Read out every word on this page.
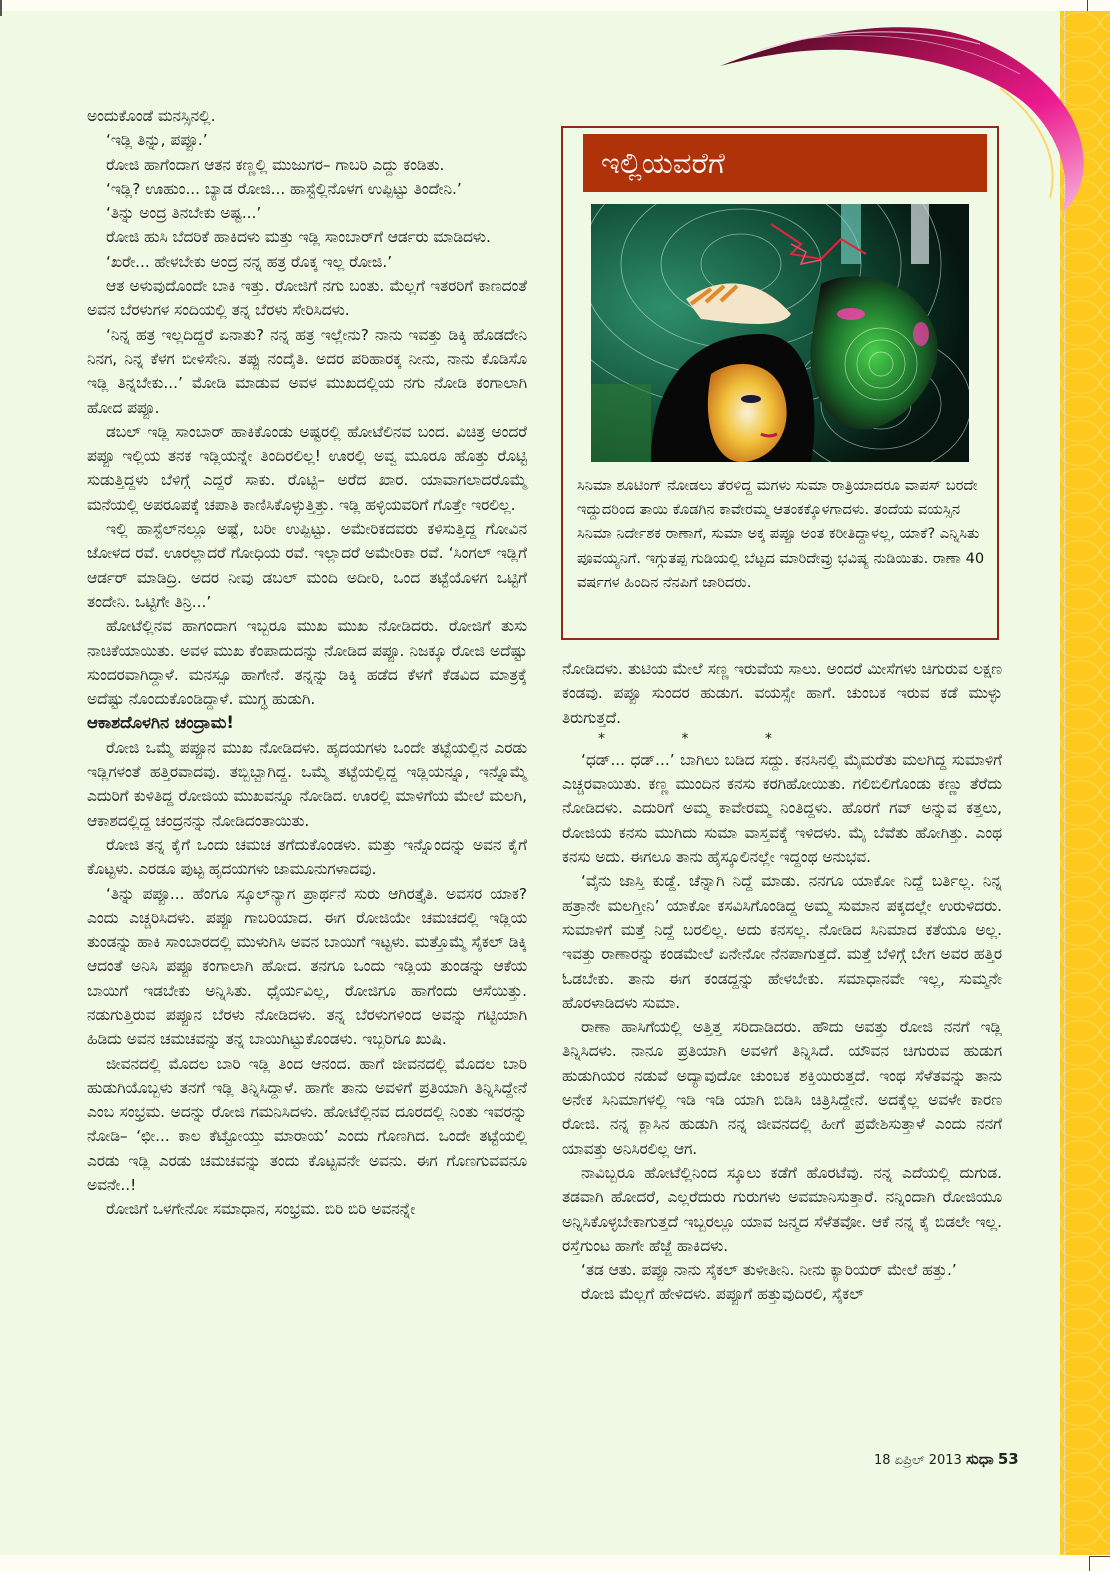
ಅಂದುಕೊಂಡೆ ಮನಸ್ಸಿನಲ್ಲಿ.

‘ಇಡ್ಲಿ ತಿನ್ನು, ಪಪ್ಪೂ.’

ರೋಜಿ ಹಾಗೆಂದಾಗ ಆತನ ಕಣ್ಣಲ್ಲಿ ಮುಜುಗರ– ಗಾಬರಿ ಎದ್ದು ಕಂಡಿತು.

‘ಇಡ್ಲಿ? ಊಹುಂ... ಬ್ಯಾಡ ರೋಜಿ... ಹಾಸ್ಟೆಲ್ಲಿನೊಳಗ ಉಪ್ಪಿಟ್ಟು ತಿಂದೇನಿ.’

‘ತಿನ್ನು ಅಂದ್ರ ತಿನಬೇಕು ಅಷ್ಟ...’

ರೋಜಿ ಹುಸಿ ಬೆದರಿಕೆ ಹಾಕಿದಳು ಮತ್ತು ಇಡ್ಲಿ ಸಾಂಬಾರ್‌ಗೆ ಆರ್ಡರು ಮಾಡಿದಳು.

‘ಖರೇ... ಹೇಳಬೇಕು ಅಂದ್ರ ನನ್ನ ಹತ್ರ ರೊಕ್ಕ ಇಲ್ಲ ರೋಜಿ.’

ಆತ ಅಳುವುದೊಂದೇ ಬಾಕಿ ಇತ್ತು. ರೋಜಿಗೆ ನಗು ಬಂತು. ಮೆಲ್ಲಗೆ ಇತರರಿಗೆ ಕಾಣದಂತೆ ಅವನ ಬೆರಳುಗಳ ಸಂದಿಯಲ್ಲಿ ತನ್ನ ಬೆರಳು ಸೇರಿಸಿದಳು.

‘ನಿನ್ನ ಹತ್ರ ಇಲ್ಲದಿದ್ದರೆ ಏನಾತು? ನನ್ನ ಹತ್ರ ಇಲ್ಲೇನು? ನಾನು ಇವತ್ತು ಡಿಕ್ಕಿ ಹೊಡದೇನಿ ನಿನಗ, ನಿನ್ನ ಕೆಳಗ ಬೀಳಿಸೇನಿ. ತಪ್ಪು ನಂದೈತಿ. ಅದರ ಪರಿಹಾರಕ್ಕ ನೀನು, ನಾನು ಕೊಡಿಸೊ ಇಡ್ಲಿ ತಿನ್ನಬೇಕು...’ ಮೋಡಿ ಮಾಡುವ ಅವಳ ಮುಖದಲ್ಲಿಯ ನಗು ನೋಡಿ ಕಂಗಾಲಾಗಿ ಹೋದ ಪಪ್ಪೂ.

ಡಬಲ್ ಇಡ್ಲಿ ಸಾಂಬಾರ್ ಹಾಕಿಕೊಂಡು ಅಷ್ಟರಲ್ಲಿ ಹೋಟೆಲಿನವ ಬಂದ. ವಿಚಿತ್ರ ಅಂದರೆ ಪಪ್ಪೂ ಇಲ್ಲಿಯ ತನಕ ಇಡ್ಲಿಯನ್ನೇ ತಿಂದಿರಲಿಲ್ಲ! ಊರಲ್ಲಿ ಅವ್ವ ಮೂರೂ ಹೊತ್ತು ರೊಟ್ಟಿ ಸುಡುತ್ತಿದ್ದಳು ಬೆಳಿಗ್ಗೆ ಎದ್ದರೆ ಸಾಕು. ರೊಟ್ಟಿ– ಅರೆದ ಖಾರ. ಯಾವಾಗಲಾದರೊಮ್ಮೆ ಮನೆಯಲ್ಲಿ ಅಪರೂಪಕ್ಕೆ ಚಪಾತಿ ಕಾಣಿಸಿಕೊಳ್ಳುತ್ತಿತ್ತು. ಇಡ್ಲಿ ಹಳ್ಳಿಯವರಿಗೆ ಗೊತ್ತೇ ಇರಲಿಲ್ಲ.

ಇಲ್ಲಿ ಹಾಸ್ಟೆಲ್‌ನಲ್ಲೂ ಅಷ್ಟೆ, ಬರೀ ಉಪ್ಪಿಟ್ಟು. ಅಮೇರಿಕದವರು ಕಳಿಸುತ್ತಿದ್ದ ಗೋವಿನ ಜೋಳದ ರವೆ. ಊರಲ್ಲಾದರೆ ಗೋಧಿಯ ರವೆ. ಇಲ್ಲಾದರೆ ಅಮೇರಿಕಾ ರವೆ. ‘ಸಿಂಗಲ್ ಇಡ್ಲಿಗೆ ಆರ್ಡರ್ ಮಾಡಿದ್ರಿ. ಅದರ ನೀವು ಡಬಲ್ ಮಂದಿ ಅದೀರಿ, ಒಂದ ತಟ್ಟೆಯೊಳಗ ಒಟ್ಟಿಗೆ ತಂದೇನಿ. ಒಟ್ಟಿಗೇ ತಿನ್ರಿ...’

ಹೋಟೆಲ್ಲಿನವ ಹಾಗಂದಾಗ ಇಬ್ಬರೂ ಮುಖ ಮುಖ ನೋಡಿದರು. ರೋಜಿಗೆ ತುಸು ನಾಚಿಕೆಯಾಯಿತು. ಅವಳ ಮುಖ ಕೆಂಪಾದುದನ್ನು ನೋಡಿದ ಪಪ್ಪೂ. ನಿಜಕ್ಕೂ ರೋಜಿ ಅದೆಷ್ಟು ಸುಂದರವಾಗಿದ್ದಾಳೆ. ಮನಸ್ಸೂ ಹಾಗೇನೆ. ತನ್ನನ್ನು ಡಿಕ್ಕಿ ಹಡೆದ ಕೆಳಗೆ ಕೆಡವಿದ ಮಾತ್ರಕ್ಕೆ ಅದೆಷ್ಟು ನೊಂದುಕೊಂಡಿದ್ದಾಳೆ. ಮುಗ್ಧ ಹುಡುಗಿ.

ಆಕಾಶದೊಳಗಿನ ಚಂದ್ರಾಮ!

ರೋಜಿ ಒಮ್ಮೆ ಪಪ್ಪೂನ ಮುಖ ನೋಡಿದಳು. ಹೃದಯಗಳು ಒಂದೇ ತಟ್ಟೆಯಲ್ಲಿನ ಎರಡು ಇಡ್ಲಿಗಳಂತೆ ಹತ್ತಿರವಾದವು. ತಬ್ಬಿಬ್ಬಾಗಿದ್ದ. ಒಮ್ಮೆ ತಟ್ಟೆಯಲ್ಲಿದ್ದ ಇಡ್ಲಿಯನ್ನೂ, ಇನ್ನೊಮ್ಮೆ ಎದುರಿಗೆ ಕುಳಿತಿದ್ದ ರೋಜಿಯ ಮುಖವನ್ನೂ ನೋಡಿದ. ಊರಲ್ಲಿ ಮಾಳಿಗೆಯ ಮೇಲೆ ಮಲಗಿ, ಆಕಾಶದಲ್ಲಿದ್ದ ಚಂದ್ರನನ್ನು ನೋಡಿದಂತಾಯಿತು.

ರೋಜಿ ತನ್ನ ಕೈಗೆ ಒಂದು ಚಮಚ ತಗೆದುಕೊಂಡಳು. ಮತ್ತು ಇನ್ನೊಂದನ್ನು ಅವನ ಕೈಗೆ ಕೊಟ್ಟಳು. ಎರಡೂ ಪುಟ್ಟ ಹೃದಯಗಳು ಜಾಮೂನುಗಳಾದವು.

‘ತಿನ್ನು ಪಪ್ಪೂ... ಹೆಂಗೂ ಸ್ಕೂಲ್‌ನ್ಯಾಗ ಪ್ರಾರ್ಥನೆ ಸುರು ಆಗಿರತ್ತೈತಿ. ಅವಸರ ಯಾಕ? ಎಂದು ಎಚ್ಚರಿಸಿದಳು. ಪಪ್ಪೂ ಗಾಬರಿಯಾದ. ಈಗ ರೋಜಿಯೇ ಚಮಚದಲ್ಲಿ ಇಡ್ಲಿಯ ತುಂಡನ್ನು ಹಾಕಿ ಸಾಂಬಾರದಲ್ಲಿ ಮುಳುಗಿಸಿ ಅವನ ಬಾಯಿಗೆ ಇಟ್ಟಳು. ಮತ್ತೊಮ್ಮೆ ಸೈಕಲ್ ಡಿಕ್ಕಿ ಆದಂತೆ ಅನಿಸಿ ಪಪ್ಪೂ ಕಂಗಾಲಾಗಿ ಹೋದ. ತನಗೂ ಒಂದು ಇಡ್ಲಿಯ ತುಂಡನ್ನು ಆಕೆಯ ಬಾಯಿಗೆ ಇಡಬೇಕು ಅನ್ನಿಸಿತು. ಧೈರ್ಯವಿಲ್ಲ, ರೋಜಿಗೂ ಹಾಗೆಂದು ಆಸೆಯಿತ್ತು. ನಡುಗುತ್ತಿರುವ ಪಪ್ಪೂನ ಬೆರಳು ನೋಡಿದಳು. ತನ್ನ ಬೆರಳುಗಳಿಂದ ಅವನ್ನು ಗಟ್ಟಿಯಾಗಿ ಹಿಡಿದು ಅವನ ಚಮಚವನ್ನು ತನ್ನ ಬಾಯಿಗಿಟ್ಟುಕೊಂಡಳು. ಇಬ್ಬರಿಗೂ ಖುಷಿ.

ಜೀವನದಲ್ಲಿ ಮೊದಲ ಬಾರಿ ಇಡ್ಲಿ ತಿಂದ ಆನಂದ. ಹಾಗೆ ಜೀವನದಲ್ಲಿ ಮೊದಲ ಬಾರಿ ಹುಡುಗಿಯೊಬ್ಬಳು ತನಗೆ ಇಡ್ಲಿ ತಿನ್ನಿಸಿದ್ದಾಳೆ. ಹಾಗೇ ತಾನು ಅವಳಿಗೆ ಪ್ರತಿಯಾಗಿ ತಿನ್ನಿಸಿದ್ದೇನೆ ಎಂಬ ಸಂಭ್ರಮ. ಅದನ್ನು ರೋಜಿ ಗಮನಿಸಿದಳು. ಹೋಟೆಲ್ಲಿನವ ದೂರದಲ್ಲಿ ನಿಂತು ಇವರನ್ನು ನೋಡಿ– ‘ಛೀ... ಕಾಲ ಕೆಟ್ಟೋಯ್ತು ಮಾರಾಯ’ ಎಂದು ಗೊಣಗಿದ. ಒಂದೇ ತಟ್ಟೆಯಲ್ಲಿ ಎರಡು ಇಡ್ಲಿ ಎರಡು ಚಮಚವನ್ನು ತಂದು ಕೊಟ್ಟವನೇ ಅವನು. ಈಗ ಗೊಣಗುವವನೂ ಅವನೇ..!

ರೋಜಿಗೆ ಒಳಗೇನೋ ಸಮಾಧಾನ, ಸಂಭ್ರಮ. ಬಿರಿ ಬಿರಿ ಅವನನ್ನೇ

ಇಲ್ಲಿಯವರೆಗೆ
ಸಿನಿಮಾ ಶೂಟಿಂಗ್ ನೋಡಲು ತೆರಳಿದ್ದ ಮಗಳು ಸುಮಾ ರಾತ್ರಿಯಾದರೂ ವಾಪಸ್ ಬರದೇ ಇದ್ದುದರಿಂದ ತಾಯಿ ಕೊಡಗಿನ ಕಾವೇರಮ್ಮ ಆತಂಕಕ್ಕೊಳಗಾದಳು. ತಂದೆಯ ವಯಸ್ಸಿನ ಸಿನಿಮಾ ನಿರ್ದೇಶಕ ರಾಣಾಗೆ, ಸುಮಾ ಅಕ್ಕ ಪಪ್ಪೂ ಅಂತ ಕರೀತಿದ್ದಾಳಲ್ಲ, ಯಾಕೆ? ಎನ್ನಿಸಿತು ಪೂವಯ್ಯನಿಗೆ. ಇಗ್ಗುತಪ್ಪ ಗುಡಿಯಲ್ಲಿ ಬೆಟ್ಟದ ಮಾರಿದೇವ್ರು ಭವಿಷ್ಯ ನುಡಿಯಿತು. ರಾಣಾ 40 ವರ್ಷಗಳ ಹಿಂದಿನ ನೆನಪಿಗೆ ಜಾರಿದರು.

ನೋಡಿದಳು. ತುಟಿಯ ಮೇಲೆ ಸಣ್ಣ ಇರುವೆಯ ಸಾಲು. ಅಂದರೆ ಮೀಸೆಗಳು ಚಿಗುರುವ ಲಕ್ಷಣ ಕಂಡವು. ಪಪ್ಪೂ ಸುಂದರ ಹುಡುಗ. ವಯಸ್ಸೇ ಹಾಗೆ. ಚುಂಬಕ ಇರುವ ಕಡೆ ಮುಳ್ಳು ತಿರುಗುತ್ತದೆ.

* * *

‘ಧಡ್... ಧಡ್...’ ಬಾಗಿಲು ಬಡಿದ ಸದ್ದು. ಕನಸಿನಲ್ಲಿ ಮೈಮರೆತು ಮಲಗಿದ್ದ ಸುಮಾಳಿಗೆ ಎಚ್ಚರವಾಯಿತು. ಕಣ್ಣ ಮುಂದಿನ ಕನಸು ಕರಗಿಹೋಯಿತು. ಗಲಿಬಿಲಿಗೊಂಡು ಕಣ್ಣು ತೆರೆದು ನೋಡಿದಳು. ಎದುರಿಗೆ ಅಮ್ಮ ಕಾವೇರಮ್ಮ ನಿಂತಿದ್ದಳು. ಹೊರಗೆ ಗವ್ ಅನ್ನುವ ಕತ್ತಲು, ರೋಜಿಯ ಕನಸು ಮುಗಿದು ಸುಮಾ ವಾಸ್ತವಕ್ಕೆ ಇಳಿದಳು. ಮೈ ಬೆವೆತು ಹೋಗಿತ್ತು. ಎಂಥ ಕನಸು ಅದು. ಈಗಲೂ ತಾನು ಹೈಸ್ಕೂಲಿನಲ್ಲೇ ಇದ್ದಂಥ ಅನುಭವ.

‘ವೈನು ಜಾಸ್ತಿ ಕುಡ್ದೆ. ಚೆನ್ನಾಗಿ ನಿದ್ದೆ ಮಾಡು. ನನಗೂ ಯಾಕೋ ನಿದ್ದೆ ಬರ್ತಿಲ್ಲ. ನಿನ್ನ ಹತ್ರಾನೇ ಮಲಗ್ತೀನಿ’ ಯಾಕೋ ಕಸವಿಸಿಗೊಂಡಿದ್ದ ಅಮ್ಮ ಸುಮಾನ ಪಕ್ಕದಲ್ಲೇ ಉರುಳಿದರು. ಸುಮಾಳಿಗೆ ಮತ್ತೆ ನಿದ್ದೆ ಬರಲಿಲ್ಲ. ಅದು ಕನಸಲ್ಲ. ನೋಡಿದ ಸಿನಿಮಾದ ಕತೆಯೂ ಅಲ್ಲ. ಇವತ್ತು ರಾಣಾರನ್ನು ಕಂಡಮೇಲೆ ಏನೇನೋ ನೆನಪಾಗುತ್ತದೆ. ಮತ್ತೆ ಬೆಳಿಗ್ಗೆ ಬೇಗ ಅವರ ಹತ್ತಿರ ಓಡಬೇಕು. ತಾನು ಈಗ ಕಂಡದ್ದನ್ನು ಹೇಳಬೇಕು. ಸಮಾಧಾನವೇ ಇಲ್ಲ, ಸುಮ್ಮನೇ ಹೊರಳಾಡಿದಳು ಸುಮಾ.

ರಾಣಾ ಹಾಸಿಗೆಯಲ್ಲಿ ಅತ್ತಿತ್ತ ಸರಿದಾಡಿದರು. ಹೌದು ಅವತ್ತು ರೋಜಿ ನನಗೆ ಇಡ್ಲಿ ತಿನ್ನಿಸಿದಳು. ನಾನೂ ಪ್ರತಿಯಾಗಿ ಅವಳಿಗೆ ತಿನ್ನಿಸಿದೆ. ಯೌವನ ಚಿಗುರುವ ಹುಡುಗ ಹುಡುಗಿಯರ ನಡುವೆ ಅದ್ಯಾವುದೋ ಚುಂಬಕ ಶಕ್ತಿಯಿರುತ್ತದೆ. ಇಂಥ ಸೆಳೆತವನ್ನು ತಾನು ಅನೇಕ ಸಿನಿಮಾಗಳಲ್ಲಿ ಇಡಿ ಇಡಿ ಯಾಗಿ ಬಿಡಿಸಿ ಚಿತ್ರಿಸಿದ್ದೇನೆ. ಅದಕ್ಕೆಲ್ಲ ಅವಳೇ ಕಾರಣ ರೋಜಿ. ನನ್ನ ಕ್ಲಾಸಿನ ಹುಡುಗಿ ನನ್ನ ಜೀವನದಲ್ಲಿ ಹೀಗೆ ಪ್ರವೇಶಿಸುತ್ತಾಳೆ ಎಂದು ನನಗೆ ಯಾವತ್ತು ಅನಿಸಿರಲಿಲ್ಲ ಆಗ.

ನಾವಿಬ್ಬರೂ ಹೋಟೆಲ್ಲಿನಿಂದ ಸ್ಕೂಲು ಕಡೆಗೆ ಹೊರಟೆವು. ನನ್ನ ಎದೆಯಲ್ಲಿ ದುಗುಡ. ತಡವಾಗಿ ಹೋದರೆ, ಎಲ್ಲರೆದುರು ಗುರುಗಳು ಅವಮಾನಿಸುತ್ತಾರೆ. ನನ್ನಿಂದಾಗಿ ರೋಜಿಯೂ ಅನ್ನಿಸಿಕೊಳ್ಳಬೇಕಾಗುತ್ತದೆ ಇಬ್ಬರಲ್ಲೂ ಯಾವ ಜನ್ಮದ ಸೆಳೆತವೋ. ಆಕೆ ನನ್ನ ಕೈ ಬಿಡಲೇ ಇಲ್ಲ. ರಸ್ತೆಗುಂಟ ಹಾಗೇ ಹೆಜ್ಜೆ ಹಾಕಿದಳು.

‘ತಡ ಆತು. ಪಪ್ಪೂ ನಾನು ಸೈಕಲ್ ತುಳೀತೀನಿ. ನೀನು ಕ್ಯಾರಿಯರ್ ಮೇಲೆ ಹತ್ತು.’

ರೋಜಿ ಮೆಲ್ಲಗೆ ಹೇಳಿದಳು. ಪಪ್ಪೂಗೆ ಹತ್ತುವುದಿರಲಿ, ಸೈಕಲ್

18 ಏಪ್ರಿಲ್ 2013 ಸುಧಾ 53
